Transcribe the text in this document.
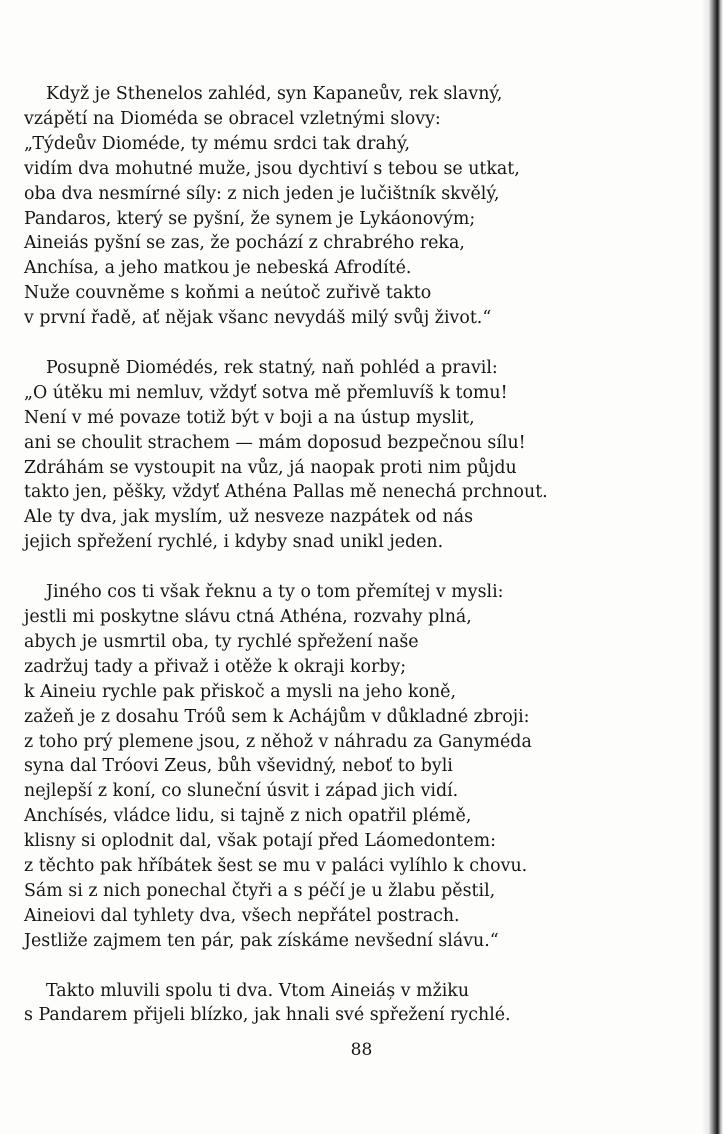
Když je Sthenelos zahléd, syn Kapaneův, rek slavný,
vzápětí na Dioméda se obracel vzletnými slovy:
„Týdeův Dioméde, ty mému srdci tak drahý,
vidím dva mohutné muže, jsou dychtiví s tebou se utkat,
oba dva nesmírné síly: z nich jeden je lučištník skvělý,
Pandaros, který se pyšní, že synem je Lykáonovým;
Aineiás pyšní se zas, že pochází z chrabrého reka,
Anchísa, a jeho matkou je nebeská Afrodíté.
Nuže couvněme s koňmi a neútoč zuřivě takto
v první řadě, ať nějak všanc nevydáš milý svůj život.“
Posupně Diomédés, rek statný, naň pohléd a pravil:
„O útěku mi nemluv, vždyť sotva mě přemluvíš k tomu!
Není v mé povaze totiž být v boji a na ústup myslit,
ani se choulit strachem — mám doposud bezpečnou sílu!
Zdráhám se vystoupit na vůz, já naopak proti nim půjdu
takto jen, pěšky, vždyť Athéna Pallas mě nenechá prchnout.
Ale ty dva, jak myslím, už nesveze nazpátek od nás
jejich spřežení rychlé, i kdyby snad unikl jeden.
Jiného cos ti však řeknu a ty o tom přemítej v mysli:
jestli mi poskytne slávu ctná Athéna, rozvahy plná,
abych je usmrtil oba, ty rychlé spřežení naše
zadržuj tady a přivaž i otěže k okraji korby;
k Aineiu rychle pak přiskoč a mysli na jeho koně,
zažeň je z dosahu Tróů sem k Achájům v důkladné zbroji:
z toho prý plemene jsou, z něhož v náhradu za Ganyméda
syna dal Tróovi Zeus, bůh vševidný, neboť to byli
nejlepší z koní, co sluneční úsvit i západ jich vidí.
Anchísés, vládce lidu, si tajně z nich opatřil plémě,
klisny si oplodnit dal, však potají před Láomedontem:
z těchto pak hříbátek šest se mu v paláci vylíhlo k chovu.
Sám si z nich ponechal čtyři a s péčí je u žlabu pěstil,
Aineiovi dal tyhlety dva, všech nepřátel postrach.
Jestliže zajmem ten pár, pak získáme nevšední slávu.“
Takto mluvili spolu ti dva. Vtom Aineiáș v mžiku
s Pandarem přijeli blízko, jak hnali své spřežení rychlé.
88
